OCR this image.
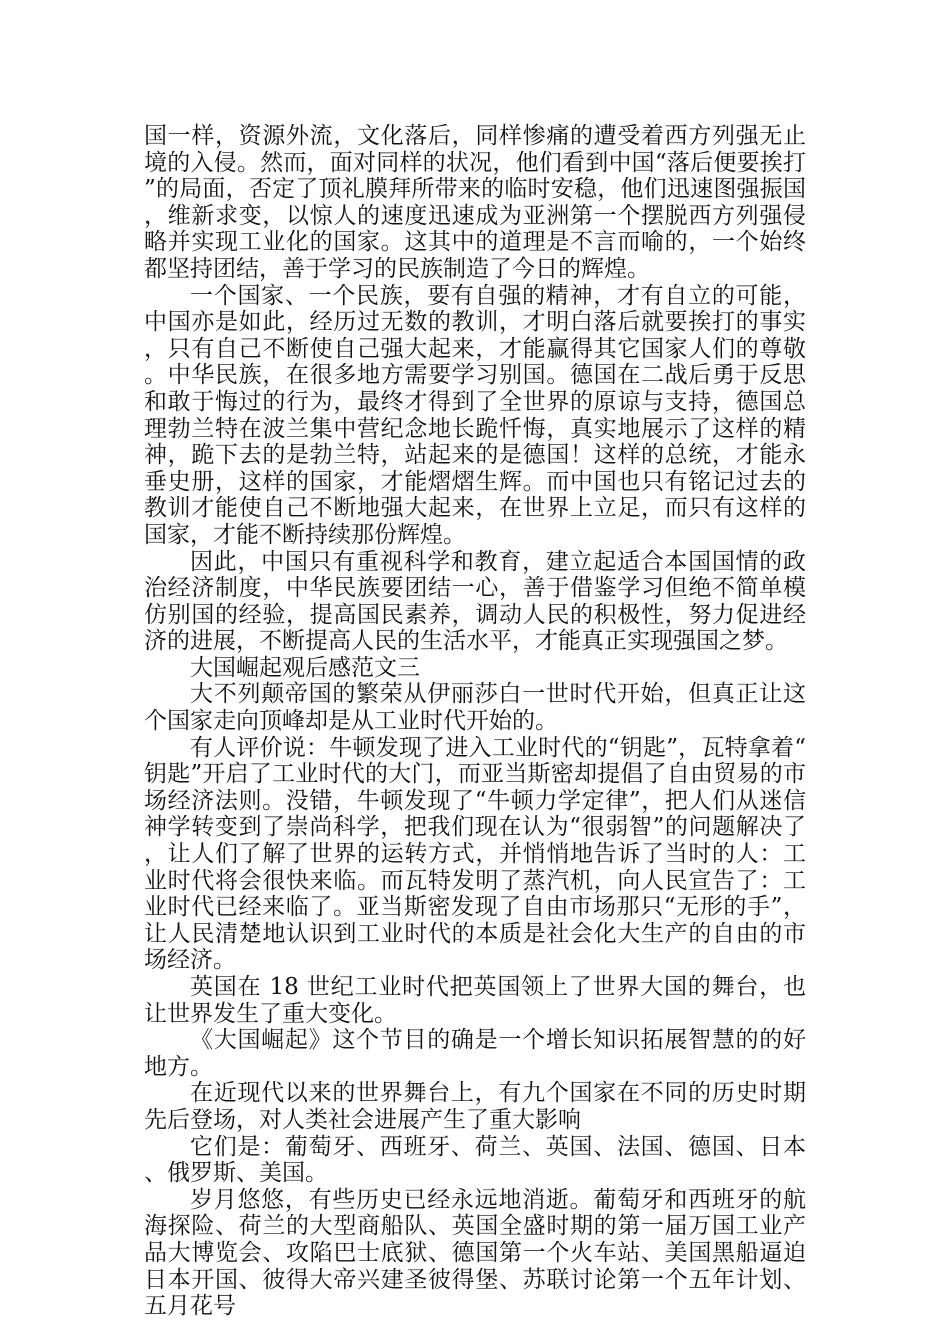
国一样，资源外流，文化落后，同样惨痛的遭受着西方列强无止境的入侵。然而，面对同样的状况，他们看到中国“落后便要挨打”的局面，否定了顶礼膜拜所带来的临时安稳，他们迅速图强振国，维新求变，以惊人的速度迅速成为亚洲第一个摆脱西方列强侵略并实现工业化的国家。这其中的道理是不言而喻的，一个始终都坚持团结，善于学习的民族制造了今日的辉煌。

一个国家、一个民族，要有自强的精神，才有自立的可能，中国亦是如此，经历过无数的教训，才明白落后就要挨打的事实，只有自己不断使自己强大起来，才能赢得其它国家人们的尊敬。中华民族，在很多地方需要学习别国。德国在二战后勇于反思和敢于悔过的行为，最终才得到了全世界的原谅与支持，德国总理勃兰特在波兰集中营纪念地长跪忏悔，真实地展示了这样的精神，跪下去的是勃兰特，站起来的是德国！这样的总统，才能永垂史册，这样的国家，才能熠熠生辉。而中国也只有铭记过去的教训才能使自己不断地强大起来，在世界上立足，而只有这样的国家，才能不断持续那份辉煌。

因此，中国只有重视科学和教育，建立起适合本国国情的政治经济制度，中华民族要团结一心，善于借鉴学习但绝不简单模仿别国的经验，提高国民素养，调动人民的积极性，努力促进经济的进展，不断提高人民的生活水平，才能真正实现强国之梦。

大国崛起观后感范文三

大不列颠帝国的繁荣从伊丽莎白一世时代开始，但真正让这个国家走向顶峰却是从工业时代开始的。

有人评价说：牛顿发现了进入工业时代的“钥匙”，瓦特拿着“钥匙”开启了工业时代的大门，而亚当斯密却提倡了自由贸易的市场经济法则。没错，牛顿发现了“牛顿力学定律”，把人们从迷信神学转变到了崇尚科学，把我们现在认为“很弱智”的问题解决了，让人们了解了世界的运转方式，并悄悄地告诉了当时的人：工业时代将会很快来临。而瓦特发明了蒸汽机，向人民宣告了：工业时代已经来临了。亚当斯密发现了自由市场那只“无形的手”，让人民清楚地认识到工业时代的本质是社会化大生产的自由的市场经济。

英国在 18 世纪工业时代把英国领上了世界大国的舞台，也让世界发生了重大变化。

《大国崛起》这个节目的确是一个增长知识拓展智慧的的好地方。

在近现代以来的世界舞台上，有九个国家在不同的历史时期先后登场，对人类社会进展产生了重大影响

它们是：葡萄牙、西班牙、荷兰、英国、法国、德国、日本、俄罗斯、美国。

岁月悠悠，有些历史已经永远地消逝。葡萄牙和西班牙的航海探险、荷兰的大型商船队、英国全盛时期的第一届万国工业产品大博览会、攻陷巴士底狱、德国第一个火车站、美国黑船逼迫日本开国、彼得大帝兴建圣彼得堡、苏联讨论第一个五年计划、五月花号
